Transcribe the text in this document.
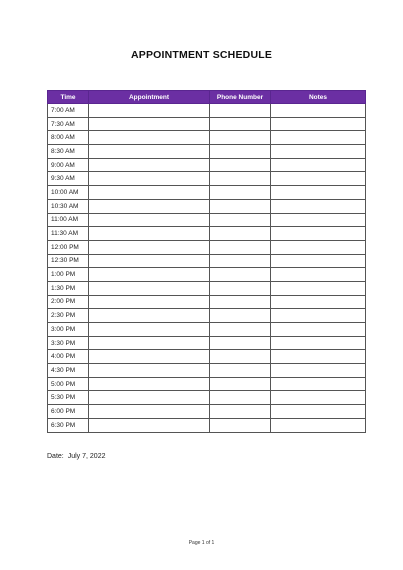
APPOINTMENT SCHEDULE
Time	Appointment	Phone Number	Notes
7:00 AM			
7:30 AM			
8:00 AM			
8:30 AM			
9:00 AM			
9:30 AM			
10:00 AM			
10:30 AM			
11:00 AM			
11:30 AM			
12:00 PM			
12:30 PM			
1:00 PM			
1:30 PM			
2:00 PM			
2:30 PM			
3:00 PM			
3:30 PM			
4:00 PM			
4:30 PM			
5:00 PM			
5:30 PM			
6:00 PM			
6:30 PM			
Date: July 7, 2022
Page 1 of 1
